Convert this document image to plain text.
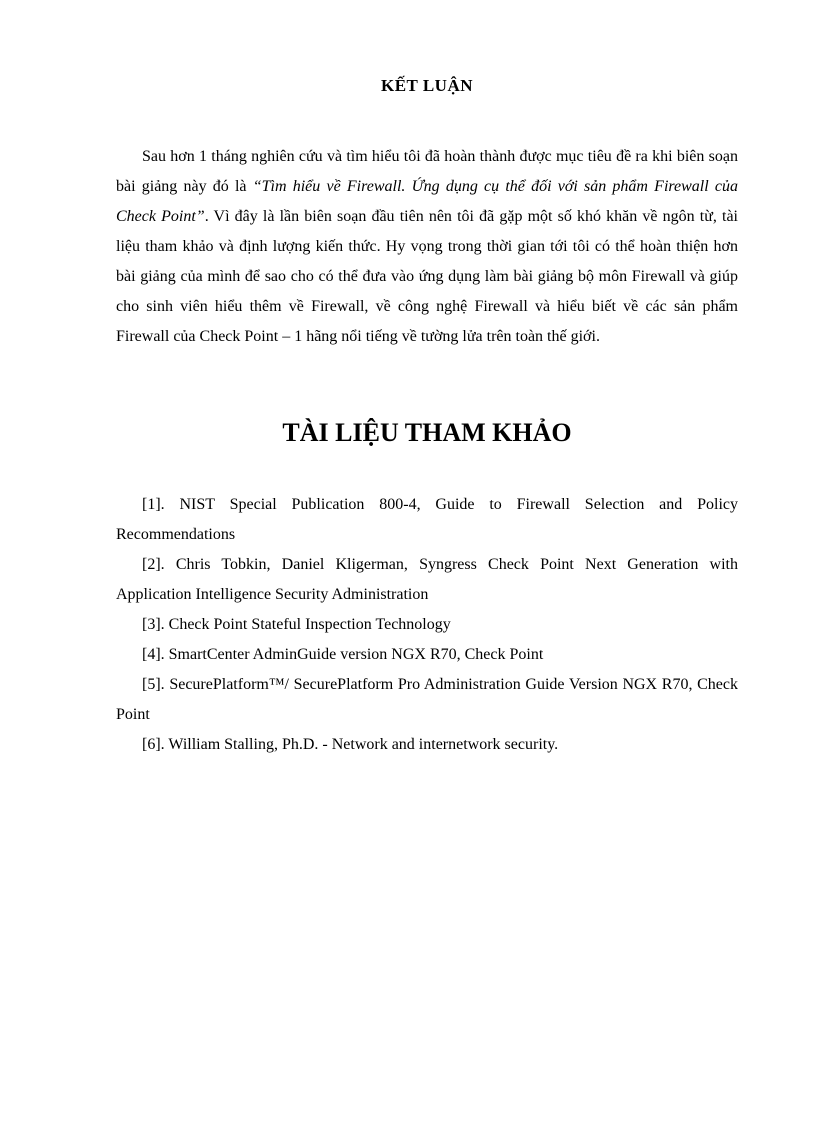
KẾT LUẬN

Sau hơn 1 tháng nghiên cứu và tìm hiểu tôi đã hoàn thành được mục tiêu đề ra khi biên soạn bài giảng này đó là “Tìm hiểu về Firewall. Ứng dụng cụ thể đối với sản phẩm Firewall của Check Point”. Vì đây là lần biên soạn đầu tiên nên tôi đã gặp một số khó khăn về ngôn từ, tài liệu tham khảo và định lượng kiến thức. Hy vọng trong thời gian tới tôi có thể hoàn thiện hơn bài giảng của mình để sao cho có thể đưa vào ứng dụng làm bài giảng bộ môn Firewall và giúp cho sinh viên hiểu thêm về Firewall, về công nghệ Firewall và hiểu biết về các sản phẩm Firewall của Check Point – 1 hãng nổi tiếng về tường lửa trên toàn thế giới.

TÀI LIỆU THAM KHẢO

[1]. NIST Special Publication 800-4, Guide to Firewall Selection and Policy Recommendations

[2]. Chris Tobkin, Daniel Kligerman, Syngress Check Point Next Generation with Application Intelligence Security Administration

[3]. Check Point Stateful Inspection Technology

[4]. SmartCenter AdminGuide version NGX R70, Check Point

[5]. SecurePlatform™/ SecurePlatform Pro Administration Guide Version NGX R70, Check Point

[6]. William Stalling, Ph.D. - Network and internetwork security.
